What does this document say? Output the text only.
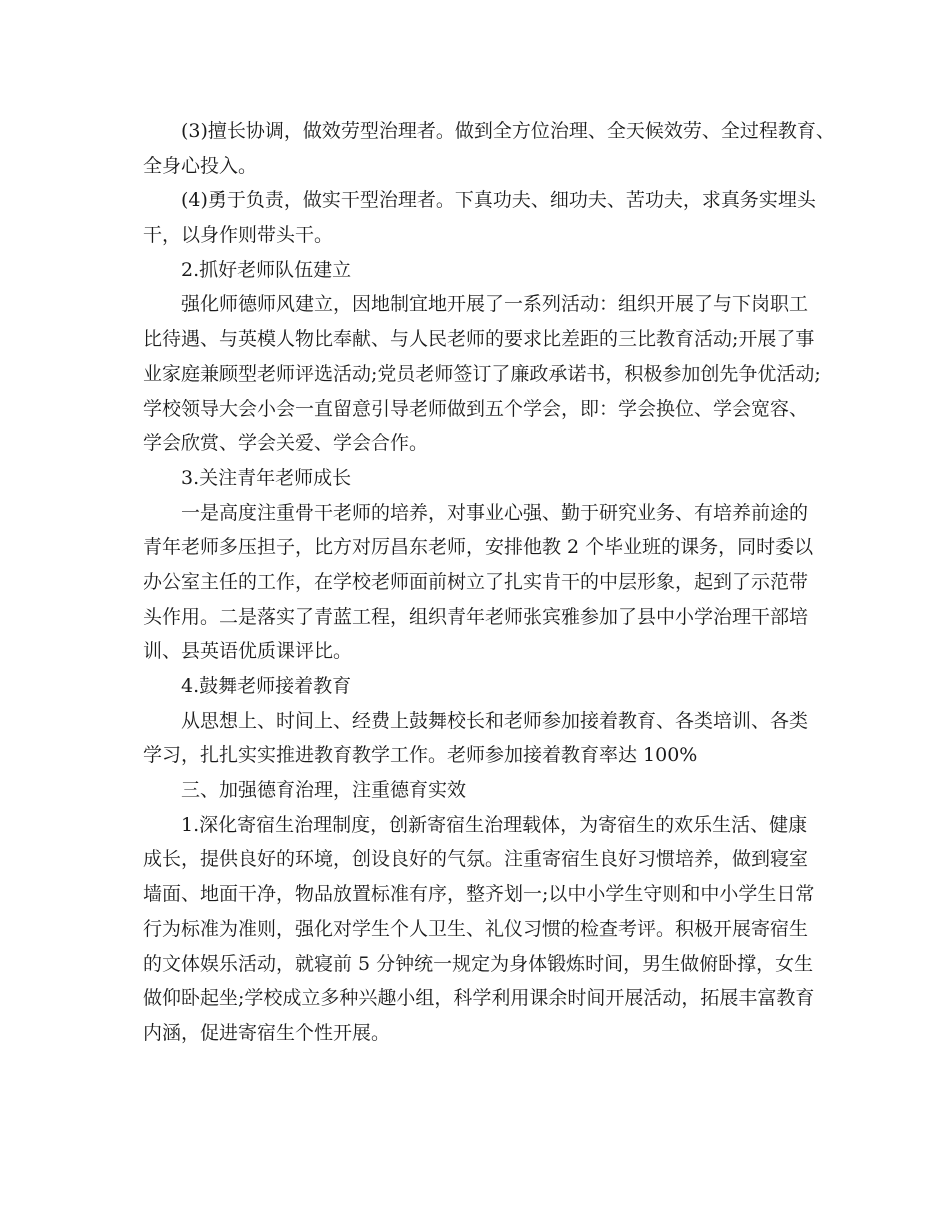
(3)擅长协调，做效劳型治理者。做到全方位治理、全天候效劳、全过程教育、
全身心投入。
(4)勇于负责，做实干型治理者。下真功夫、细功夫、苦功夫，求真务实埋头
干，以身作则带头干。
2.抓好老师队伍建立
强化师德师风建立，因地制宜地开展了一系列活动：组织开展了与下岗职工
比待遇、与英模人物比奉献、与人民老师的要求比差距的三比教育活动;开展了事
业家庭兼顾型老师评选活动;党员老师签订了廉政承诺书，积极参加创先争优活动;
学校领导大会小会一直留意引导老师做到五个学会，即：学会换位、学会宽容、
学会欣赏、学会关爱、学会合作。
3.关注青年老师成长
一是高度注重骨干老师的培养，对事业心强、勤于研究业务、有培养前途的
青年老师多压担子，比方对厉昌东老师，安排他教 2 个毕业班的课务，同时委以
办公室主任的工作，在学校老师面前树立了扎实肯干的中层形象，起到了示范带
头作用。二是落实了青蓝工程，组织青年老师张宾雅参加了县中小学治理干部培
训、县英语优质课评比。
4.鼓舞老师接着教育
从思想上、时间上、经费上鼓舞校长和老师参加接着教育、各类培训、各类
学习，扎扎实实推进教育教学工作。老师参加接着教育率达 100%
三、加强德育治理，注重德育实效
1.深化寄宿生治理制度，创新寄宿生治理载体，为寄宿生的欢乐生活、健康
成长，提供良好的环境，创设良好的气氛。注重寄宿生良好习惯培养，做到寝室
墙面、地面干净，物品放置标准有序，整齐划一;以中小学生守则和中小学生日常
行为标准为准则，强化对学生个人卫生、礼仪习惯的检查考评。积极开展寄宿生
的文体娱乐活动，就寝前 5 分钟统一规定为身体锻炼时间，男生做俯卧撑，女生
做仰卧起坐;学校成立多种兴趣小组，科学利用课余时间开展活动，拓展丰富教育
内涵，促进寄宿生个性开展。
